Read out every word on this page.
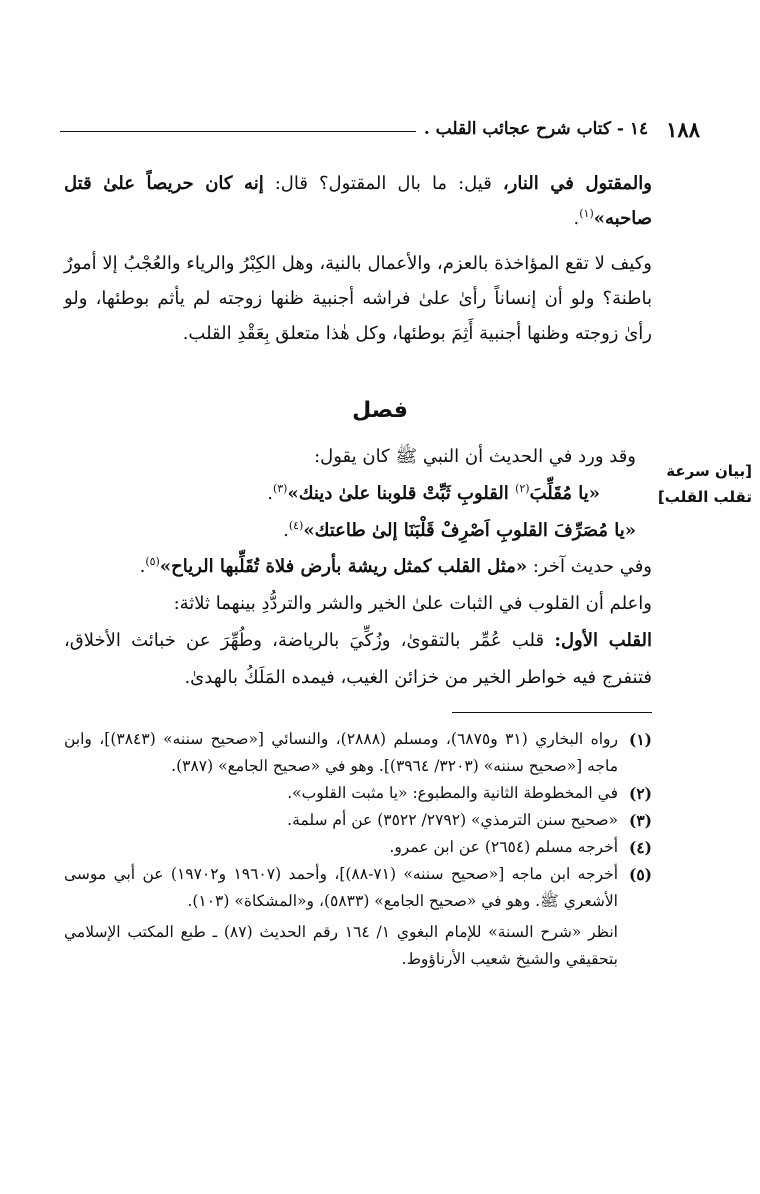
١٨٨
١٤ - كتاب شرح عجائب القلب .

والمقتول في النار، قيل: ما بال المقتول؟ قال: إنه كان حريصاً علىٰ قتل صاحبه»$^{(١)}$.

وكيف لا تقع المؤاخذة بالعزم، والأعمال بالنية، وهل الكِبْرُ والرياء والعُجْبُ إلا أمورٌ باطنة؟ ولو أن إنساناً رأىٰ علىٰ فراشه أجنبية ظنها زوجته لم يأثم بوطئها، ولو رأىٰ زوجته وظنها أجنبية أَثِمَ بوطئها، وكل هٰذا متعلق بِعَقْدِ القلب.

فصل

وقد ورد في الحديث أن النبي ﷺ كان يقول:

«يا مُقَلِّبَ$^{(٢)}$ القلوبِ ثَبِّتْ قلوبنا علىٰ دينك»$^{(٣)}$.

«يا مُصَرِّفَ القلوبِ اَصْرِفْ قَلْبَنَا إلىٰ طاعتك»$^{(٤)}$.

[بيان سرعة
تقلب القلب]

وفي حديث آخر: «مثل القلب كمثل ريشة بأرض فلاة تُقَلِّبها الرياح»$^{(٥)}$.

واعلم أن القلوب في الثبات علىٰ الخير والشر والتردُّدِ بينهما ثلاثة:

القلب الأول: قلب عُمِّر بالتقوىٰ، وزُكِّيَ بالرياضة، وطُهِّرَ عن خبائث الأخلاق، فتنفرج فيه خواطر الخير من خزائن الغيب، فيمده المَلَكُ بالهدىٰ.

(١)
رواه البخاري (٣١ و٦٨٧٥)، ومسلم (٢٨٨٨)، والنسائي [«صحيح سننه» (٣٨٤٣)]، وابن ماجه [«صحيح سننه» (٣٢٠٣/ ٣٩٦٤)]. وهو في «صحيح الجامع» (٣٨٧).
(٢)
في المخطوطة الثانية والمطبوع: «يا مثبت القلوب».
(٣)
«صحيح سنن الترمذي» (٢٧٩٢/ ٣٥٢٢) عن أم سلمة.
(٤)
أخرجه مسلم (٢٦٥٤) عن ابن عمرو.
(٥)
أخرجه ابن ماجه [«صحيح سننه» (٧١-٨٨)]، وأحمد (١٩٦٠٧ و١٩٧٠٢) عن أبي موسى الأشعري ﷺ. وهو في «صحيح الجامع» (٥٨٣٣)، و«المشكاة» (١٠٣).

انظر «شرح السنة» للإمام البغوي ١/ ١٦٤ رقم الحديث (٨٧) ـ طبع المكتب الإسلامي بتحقيقي والشيخ شعيب الأرناؤوط.
